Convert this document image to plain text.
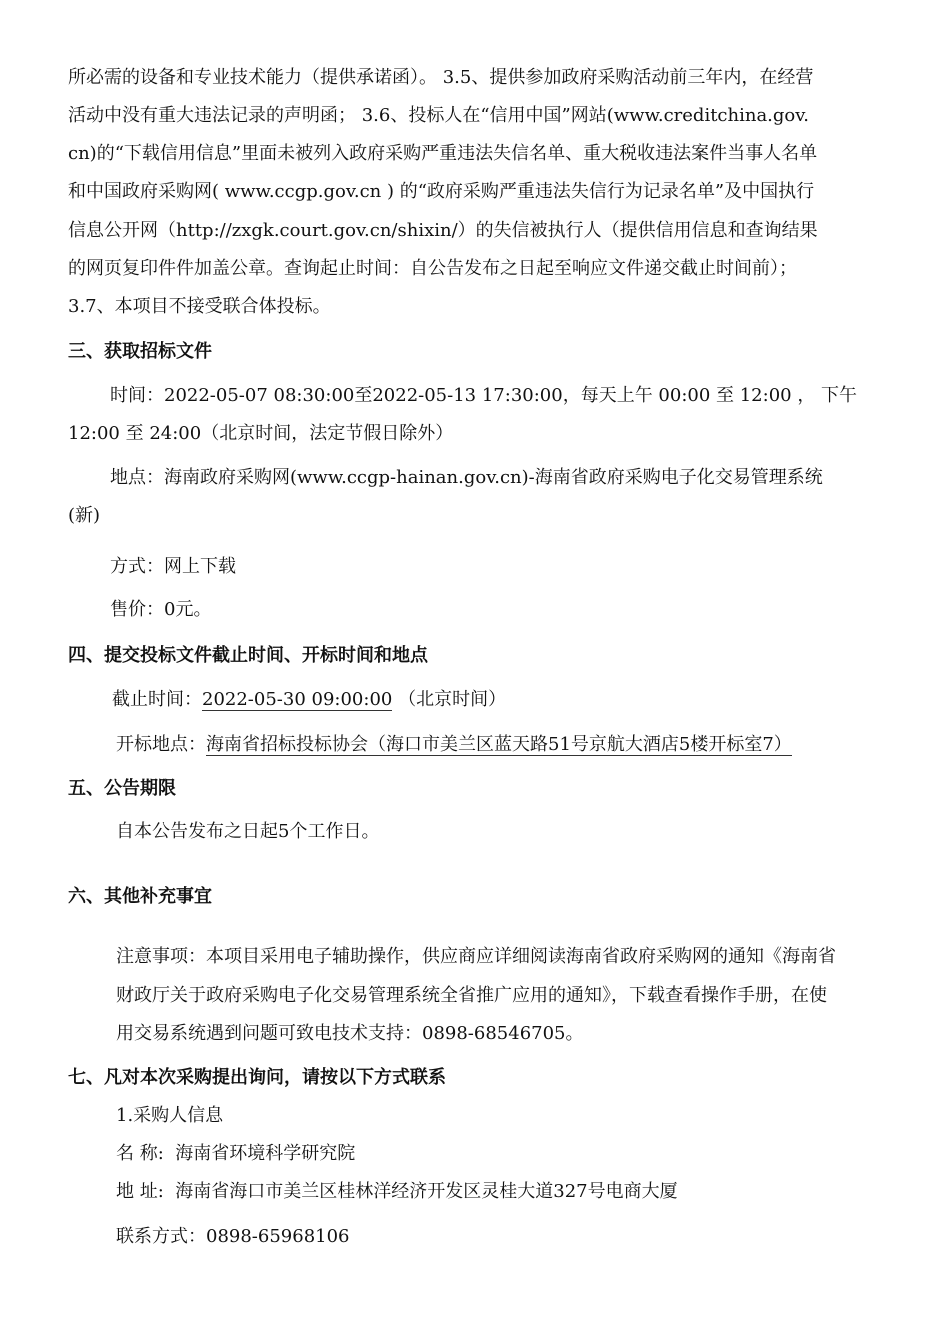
所必需的设备和专业技术能力（提供承诺函）。 3.5、提供参加政府采购活动前三年内，在经营
活动中没有重大违法记录的声明函； 3.6、投标人在“信用中国”网站(www.creditchina.gov.
cn)的“下载信用信息”里面未被列入政府采购严重违法失信名单、重大税收违法案件当事人名单
和中国政府采购网( www.ccgp.gov.cn ) 的“政府采购严重违法失信行为记录名单”及中国执行
信息公开网（http://zxgk.court.gov.cn/shixin/）的失信被执行人（提供信用信息和查询结果
的网页复印件件加盖公章。查询起止时间：自公告发布之日起至响应文件递交截止时间前）；
3.7、本项目不接受联合体投标。
三、获取招标文件
时间：2022-05-07 08:30:00至2022-05-13 17:30:00，每天上午 00:00 至 12:00 ， 下午
12:00 至 24:00（北京时间，法定节假日除外）
地点：海南政府采购网(www.ccgp-hainan.gov.cn)-海南省政府采购电子化交易管理系统
(新)
方式：网上下载
售价：0元。
四、提交投标文件截止时间、开标时间和地点
截止时间：2022-05-30 09:00:00 （北京时间）
开标地点：海南省招标投标协会（海口市美兰区蓝天路51号京航大酒店5楼开标室7）
五、公告期限
自本公告发布之日起5个工作日。
六、其他补充事宜
注意事项：本项目采用电子辅助操作，供应商应详细阅读海南省政府采购网的通知《海南省
财政厅关于政府采购电子化交易管理系统全省推广应用的通知》，下载查看操作手册，在使
用交易系统遇到问题可致电技术支持：0898-68546705。
七、凡对本次采购提出询问，请按以下方式联系
1.采购人信息
名 称: 海南省环境科学研究院
地 址: 海南省海口市美兰区桂林洋经济开发区灵桂大道327号电商大厦
联系方式：0898-65968106
